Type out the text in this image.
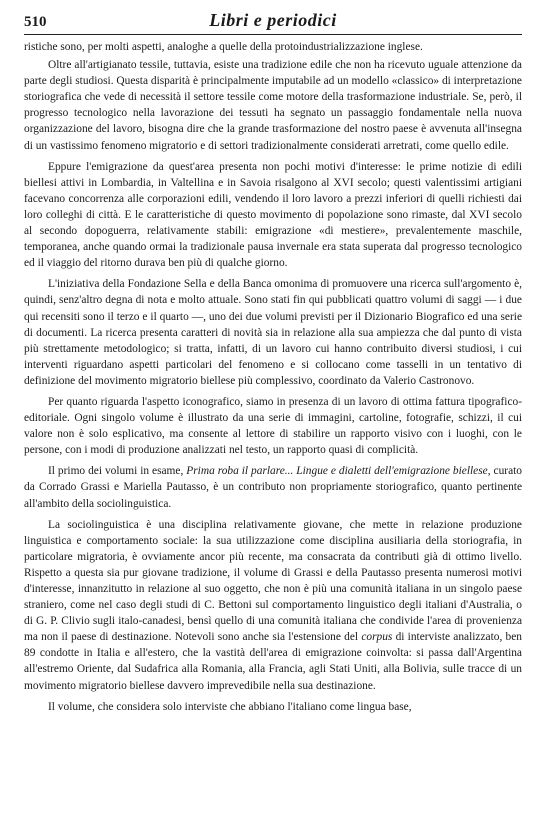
510	Libri e periodici

ristiche sono, per molti aspetti, analoghe a quelle della protoindustrializzazione inglese.

Oltre all'artigianato tessile, tuttavia, esiste una tradizione edile che non ha ricevuto uguale attenzione da parte degli studiosi. Questa disparità è principalmente imputabile ad un modello «classico» di interpretazione storiografica che vede di necessità il settore tessile come motore della trasformazione industriale. Se, però, il progresso tecnologico nella lavorazione dei tessuti ha segnato un passaggio fondamentale nella nuova organizzazione del lavoro, bisogna dire che la grande trasformazione del nostro paese è avvenuta all'insegna di un vastissimo fenomeno migratorio e di settori tradizionalmente considerati arretrati, come quello edile.

Eppure l'emigrazione da quest'area presenta non pochi motivi d'interesse: le prime notizie di edili biellesi attivi in Lombardia, in Valtellina e in Savoia risalgono al XVI secolo; questi valentissimi artigiani facevano concorrenza alle corporazioni edili, vendendo il loro lavoro a prezzi inferiori di quelli richiesti dai loro colleghi di città. E le caratteristiche di questo movimento di popolazione sono rimaste, dal XVI secolo al secondo dopoguerra, relativamente stabili: emigrazione «di mestiere», prevalentemente maschile, temporanea, anche quando ormai la tradizionale pausa invernale era stata superata dal progresso tecnologico ed il viaggio del ritorno durava ben più di qualche giorno.

L'iniziativa della Fondazione Sella e della Banca omonima di promuovere una ricerca sull'argomento è, quindi, senz'altro degna di nota e molto attuale. Sono stati fin qui pubblicati quattro volumi di saggi — i due qui recensiti sono il terzo e il quarto —, uno dei due volumi previsti per il Dizionario Biografico ed una serie di documenti. La ricerca presenta caratteri di novità sia in relazione alla sua ampiezza che dal punto di vista più strettamente metodologico; si tratta, infatti, di un lavoro cui hanno contribuito diversi studiosi, i cui interventi riguardano aspetti particolari del fenomeno e si collocano come tasselli in un tentativo di definizione del movimento migratorio biellese più complessivo, coordinato da Valerio Castronovo.

Per quanto riguarda l'aspetto iconografico, siamo in presenza di un lavoro di ottima fattura tipografico-editoriale. Ogni singolo volume è illustrato da una serie di immagini, cartoline, fotografie, schizzi, il cui valore non è solo esplicativo, ma consente al lettore di stabilire un rapporto visivo con i luoghi, con le persone, con i modi di produzione analizzati nel testo, un rapporto quasi di complicità.

Il primo dei volumi in esame, Prima roba il parlare... Lingue e dialetti dell'emigrazione biellese, curato da Corrado Grassi e Mariella Pautasso, è un contributo non propriamente storiografico, quanto pertinente all'ambito della sociolinguistica.

La sociolinguistica è una disciplina relativamente giovane, che mette in relazione produzione linguistica e comportamento sociale: la sua utilizzazione come disciplina ausiliaria della storiografia, in particolare migratoria, è ovviamente ancor più recente, ma consacrata da contributi già di ottimo livello. Rispetto a questa sia pur giovane tradizione, il volume di Grassi e della Pautasso presenta numerosi motivi d'interesse, innanzitutto in relazione al suo oggetto, che non è più una comunità italiana in un singolo paese straniero, come nel caso degli studi di C. Bettoni sul comportamento linguistico degli italiani d'Australia, o di G. P. Clivio sugli italo-canadesi, bensì quello di una comunità italiana che condivide l'area di provenienza ma non il paese di destinazione. Notevoli sono anche sia l'estensione del corpus di interviste analizzato, ben 89 condotte in Italia e all'estero, che la vastità dell'area di emigrazione coinvolta: si passa dall'Argentina all'estremo Oriente, dal Sudafrica alla Romania, alla Francia, agli Stati Uniti, alla Bolivia, sulle tracce di un movimento migratorio biellese davvero imprevedibile nella sua destinazione.

Il volume, che considera solo interviste che abbiano l'italiano come lingua base,
